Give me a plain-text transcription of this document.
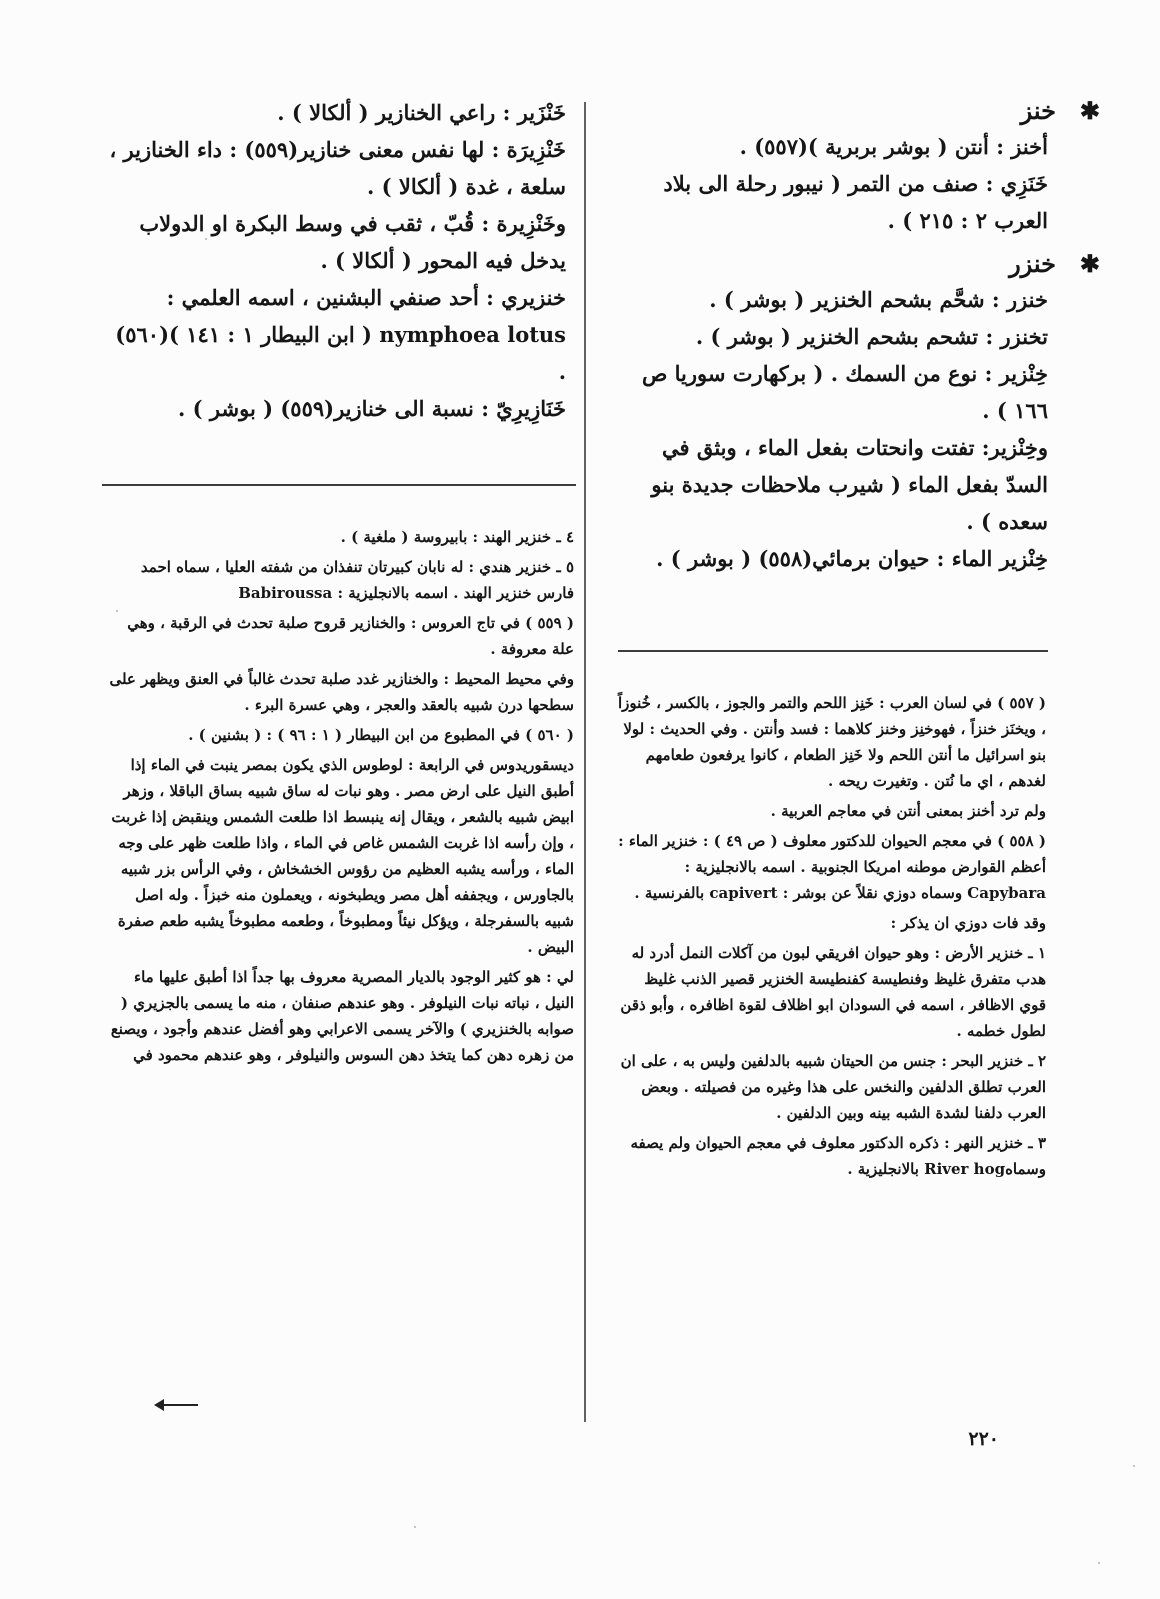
✱
خنز
أخنز : أنتن ( بوشر بربرية )(٥٥٧) .
خَنَزِي : صنف من التمر ( نيبور رحلة الى بلاد العرب ٢ : ٢١٥ ) .
✱
خنزر
خنزر : شحَّم بشحم الخنزير ( بوشر ) .
تخنزر : تشحم بشحم الخنزير ( بوشر ) .
خِنْزير : نوع من السمك . ( بركهارت سوريا ص ١٦٦ ) .
وخِنْزير: تفتت وانحتات بفعل الماء ، وبثق في السدّ بفعل الماء ( شيرب ملاحظات جديدة بنو سعده ) .
خِنْزير الماء : حيوان برمائي(٥٥٨) ( بوشر ) .

( ٥٥٧ ) في لسان العرب : خَنِز اللحم والتمر والجوز ، بالكسر ، خُنوزاً ، ويخنَز خنزاً ، فهوخنِز وخنز كلاهما : فسد وأنتن . وفي الحديث : لولا بنو اسرائيل ما أنتن اللحم ولا خَنِز الطعام ، كانوا يرفعون طعامهم لغدهم ، اي ما نُتن . وتغيرت ريحه .

ولم ترد أخنز بمعنى أنتن في معاجم العربية .

( ٥٥٨ ) في معجم الحيوان للدكتور معلوف ( ص ٤٩ ) : خنزير الماء : أعظم القوارض موطنه امريكا الجنوبية . اسمه بالانجليزية : Capybara وسماه دوزي نقلاً عن بوشر : capivert بالفرنسية .

وقد فات دوزي ان يذكر :

١ ـ خنزير الأرض : وهو حيوان افريقي لبون من آكلات النمل أدرد له هدب متفرق غليظ وفنطيسة كفنطيسة الخنزير قصير الذنب غليظ قوي الاظافر ، اسمه في السودان ابو اظلاف لقوة اظافره ، وأبو ذقن لطول خطمه .

٢ ـ خنزير البحر : جنس من الحيتان شبيه بالدلفين وليس به ، على ان العرب تطلق الدلفين والنخس على هذا وغيره من فصيلته . وبعض العرب دلفنا لشدة الشبه بينه وبين الدلفين .

٣ ـ خنزير النهر : ذكره الدكتور معلوف في معجم الحيوان ولم يصفه وسماهRiver hog بالانجليزية .

خَنْزَير : راعي الخنازير ( ألكالا ) .
خَنْزِيرَة : لها نفس معنى خنازير(٥٥٩) : داء الخنازير ، سلعة ، غدة ( ألكالا ) .
وخَنْزِيرة : قُبّ ، ثقب في وسط البكرة او الدولاب يدخل فيه المحور ( ألكالا ) .
خنزيري : أحد صنفي البشنين ، اسمه العلمي : nymphoea lotus ( ابن البيطار ١ : ١٤١ )(٥٦٠) .
خَنَازِيرِيّ : نسبة الى خنازير(٥٥٩) ( بوشر ) .

٤ ـ خنزير الهند : بابيروسة ( ملغية ) .

٥ ـ خنزير هندي : له نابان كبيرتان تنفذان من شفته العليا ، سماه احمد فارس خنزير الهند . اسمه بالانجليزية : Babiroussa

( ٥٥٩ ) في تاج العروس : والخنازير قروح صلبة تحدث في الرقبة ، وهي علة معروفة .

وفي محيط المحيط : والخنازير غدد صلبة تحدث غالباً في العنق ويظهر على سطحها درن شبيه بالعقد والعجر ، وهي عسرة البرء .

( ٥٦٠ ) في المطبوع من ابن البيطار ( ١ : ٩٦ ) : ( بشنين ) .

ديسقوريدوس في الرابعة : لوطوس الذي يكون بمصر ينبت في الماء إذا أطبق النيل على ارض مصر . وهو نبات له ساق شبيه بساق الباقلا ، وزهر ابيض شبيه بالشعر ، ويقال إنه ينبسط اذا طلعت الشمس وينقبض إذا غربت ، وإن رأسه اذا غربت الشمس غاص في الماء ، واذا طلعت ظهر على وجه الماء ، ورأسه يشبه العظيم من رؤوس الخشخاش ، وفي الرأس بزر شبيه بالجاورس ، ويجففه أهل مصر ويطبخونه ، ويعملون منه خبزاً . وله اصل شبيه بالسفرجلة ، ويؤكل نيئاً ومطبوخاً ، وطعمه مطبوخاً يشبه طعم صفرة البيض .

لي : هو كثير الوجود بالديار المصرية معروف بها جداً اذا أطبق عليها ماء النيل ، نباته نبات النيلوفر . وهو عندهم صنفان ، منه ما يسمى بالجزيري ( صوابه بالخنزيري ) والآخر يسمى الاعرابي وهو أفضل عندهم وأجود ، ويصنع من زهره دهن كما يتخذ دهن السوس والنيلوفر ، وهو عندهم محمود في

٢٢٠
